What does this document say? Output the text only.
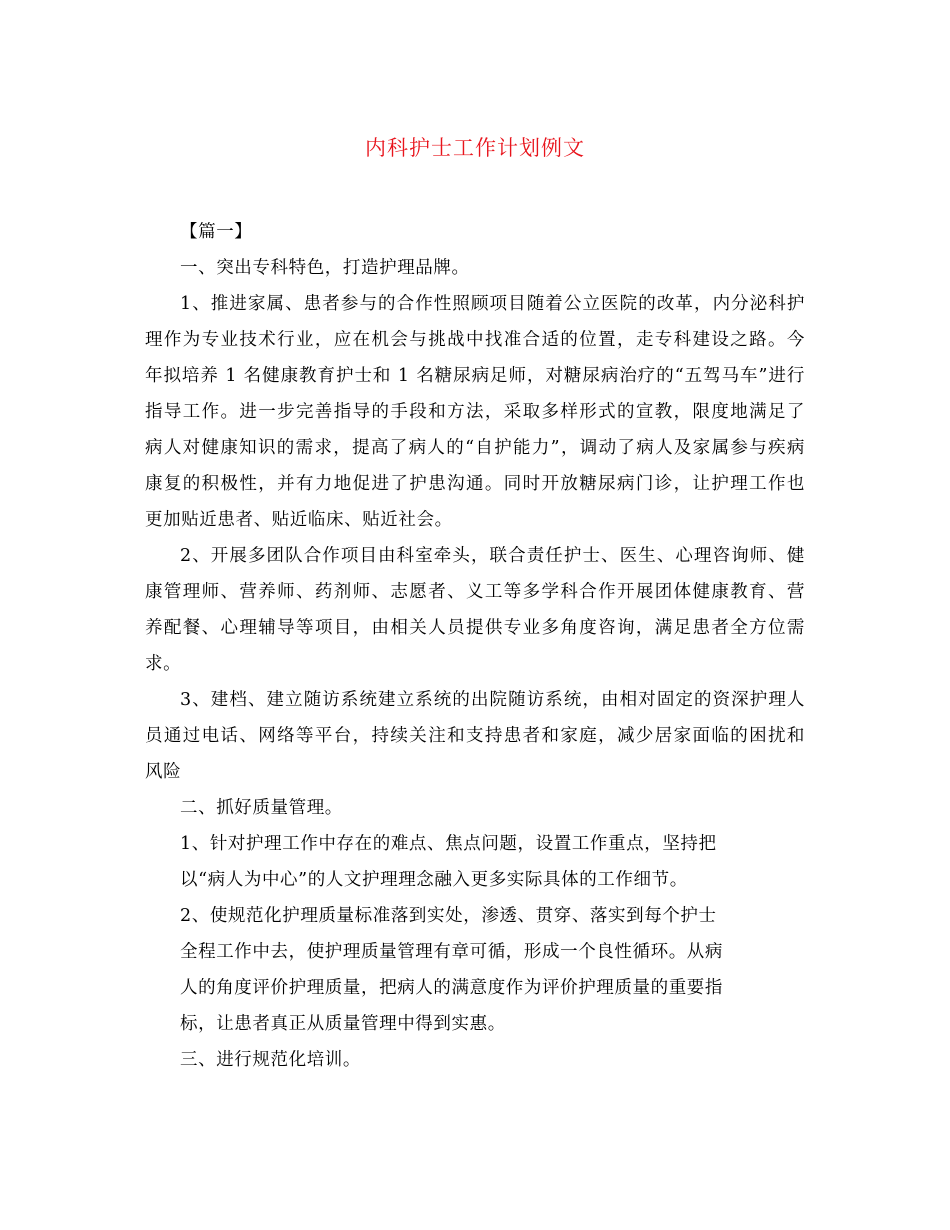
内科护士工作计划例文
【篇一】
一、突出专科特色，打造护理品牌。
1、推进家属、患者参与的合作性照顾项目随着公立医院的改革，内分泌科护
理作为专业技术行业，应在机会与挑战中找准合适的位置，走专科建设之路。今
年拟培养 1 名健康教育护士和 1 名糖尿病足师，对糖尿病治疗的“五驾马车”进行
指导工作。进一步完善指导的手段和方法，采取多样形式的宣教，限度地满足了
病人对健康知识的需求，提高了病人的“自护能力”，调动了病人及家属参与疾病
康复的积极性，并有力地促进了护患沟通。同时开放糖尿病门诊，让护理工作也
更加贴近患者、贴近临床、贴近社会。
2、开展多团队合作项目由科室牵头，联合责任护士、医生、心理咨询师、健
康管理师、营养师、药剂师、志愿者、义工等多学科合作开展团体健康教育、营
养配餐、心理辅导等项目，由相关人员提供专业多角度咨询，满足患者全方位需
求。
3、建档、建立随访系统建立系统的出院随访系统，由相对固定的资深护理人
员通过电话、网络等平台，持续关注和支持患者和家庭，减少居家面临的困扰和
风险
二、抓好质量管理。
1、针对护理工作中存在的难点、焦点问题，设置工作重点，坚持把
以“病人为中心”的人文护理理念融入更多实际具体的工作细节。
2、使规范化护理质量标准落到实处，渗透、贯穿、落实到每个护士
全程工作中去，使护理质量管理有章可循，形成一个良性循环。从病
人的角度评价护理质量，把病人的满意度作为评价护理质量的重要指
标，让患者真正从质量管理中得到实惠。
三、进行规范化培训。
